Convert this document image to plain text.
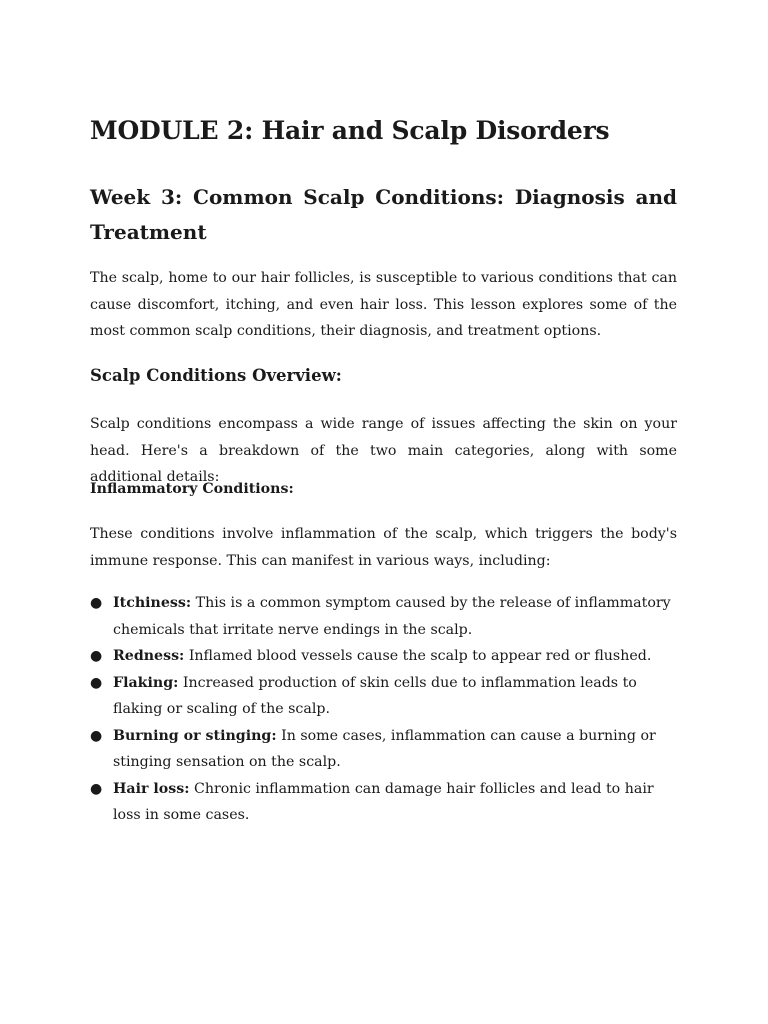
MODULE 2: Hair and Scalp Disorders
Week 3: Common Scalp Conditions: Diagnosis and Treatment

The scalp, home to our hair follicles, is susceptible to various conditions that can cause discomfort, itching, and even hair loss. This lesson explores some of the most common scalp conditions, their diagnosis, and treatment options.

Scalp Conditions Overview:

Scalp conditions encompass a wide range of issues affecting the skin on your head. Here's a breakdown of the two main categories, along with some additional details:

Inflammatory Conditions:

These conditions involve inflammation of the scalp, which triggers the body's immune response. This can manifest in various ways, including:

● Itchiness: This is a common symptom caused by the release of inflammatory chemicals that irritate nerve endings in the scalp.
● Redness: Inflamed blood vessels cause the scalp to appear red or flushed.
● Flaking: Increased production of skin cells due to inflammation leads to flaking or scaling of the scalp.
● Burning or stinging: In some cases, inflammation can cause a burning or stinging sensation on the scalp.
● Hair loss: Chronic inflammation can damage hair follicles and lead to hair loss in some cases.
